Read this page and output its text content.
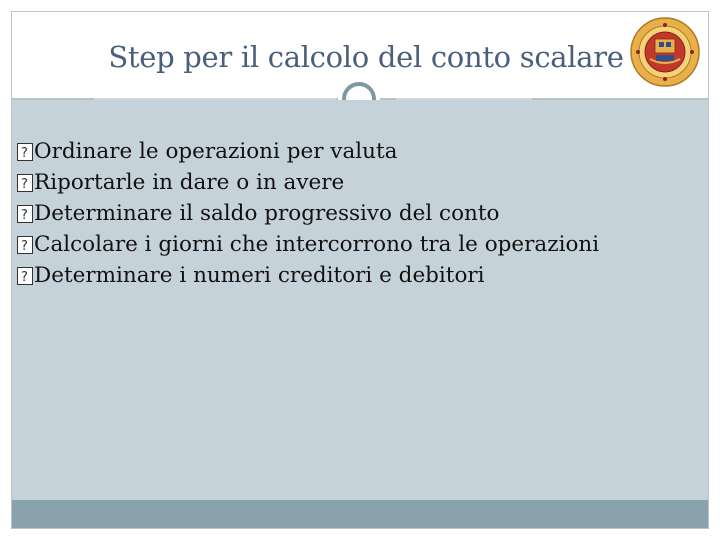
Step per il calcolo del conto scalare
?Ordinare le operazioni per valuta
?Riportarle in dare o in avere
?Determinare il saldo progressivo del conto
?Calcolare i giorni che intercorrono tra le operazioni
?Determinare i numeri creditori e debitori
